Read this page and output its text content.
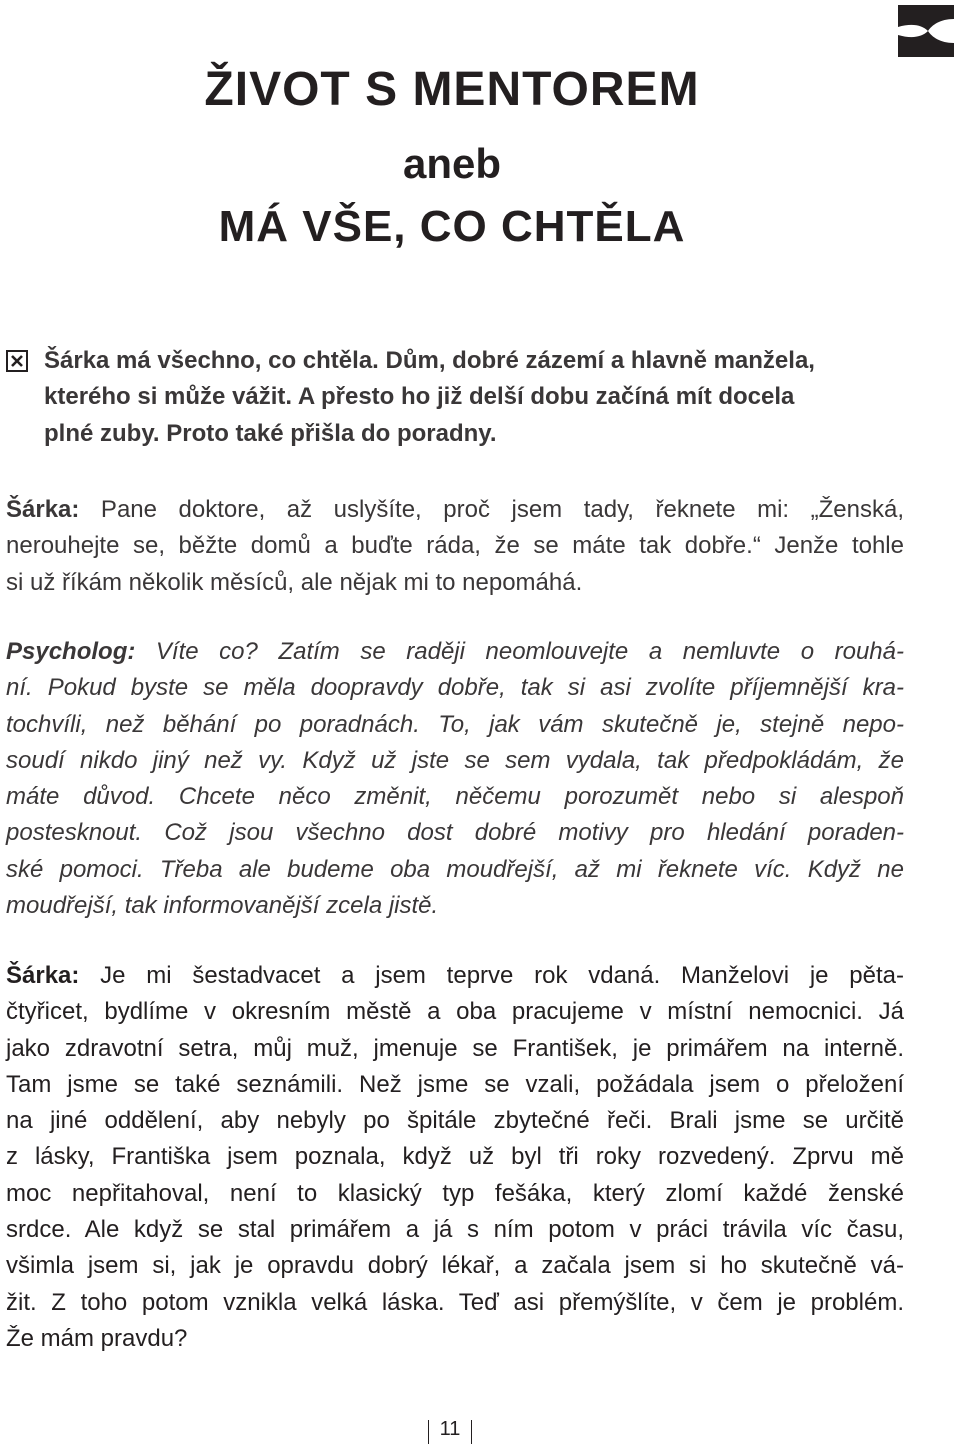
ŽIVOT S MENTOREM
aneb
MÁ VŠE, CO CHTĚLA
Šárka má všechno, co chtěla. Dům, dobré zázemí a hlavně manžela,
kterého si může vážit. A přesto ho již delší dobu začíná mít docela
plné zuby. Proto také přišla do poradny.
Šárka: Pane doktore, až uslyšíte, proč jsem tady, řeknete mi: „Ženská,
nerouhejte se, běžte domů a buďte ráda, že se máte tak dobře.“ Jenže tohle
si už říkám několik měsíců, ale nějak mi to nepomáhá.
Psycholog: Víte co? Zatím se raději neomlouvejte a nemluvte o rouhá-
ní. Pokud byste se měla doopravdy dobře, tak si asi zvolíte příjemnější kra-
tochvíli, než běhání po poradnách. To, jak vám skutečně je, stejně nepo-
soudí nikdo jiný než vy. Když už jste se sem vydala, tak předpokládám, že
máte důvod. Chcete něco změnit, něčemu porozumět nebo si alespoň
postesknout. Což jsou všechno dost dobré motivy pro hledání poraden-
ské pomoci. Třeba ale budeme oba moudřejší, až mi řeknete víc. Když ne
moudřejší, tak informovanější zcela jistě.
Šárka: Je mi šestadvacet a jsem teprve rok vdaná. Manželovi je pěta-
čtyřicet, bydlíme v okresním městě a oba pracujeme v místní nemocnici. Já
jako zdravotní setra, můj muž, jmenuje se František, je primářem na interně.
Tam jsme se také seznámili. Než jsme se vzali, požádala jsem o přeložení
na jiné oddělení, aby nebyly po špitále zbytečné řeči. Brali jsme se určitě
z lásky, Františka jsem poznala, když už byl tři roky rozvedený. Zprvu mě
moc nepřitahoval, není to klasický typ fešáka, který zlomí každé ženské
srdce. Ale když se stal primářem a já s ním potom v práci trávila víc času,
všimla jsem si, jak je opravdu dobrý lékař, a začala jsem si ho skutečně vá-
žit. Z toho potom vznikla velká láska. Teď asi přemýšlíte, v čem je problém.
Že mám pravdu?
11
